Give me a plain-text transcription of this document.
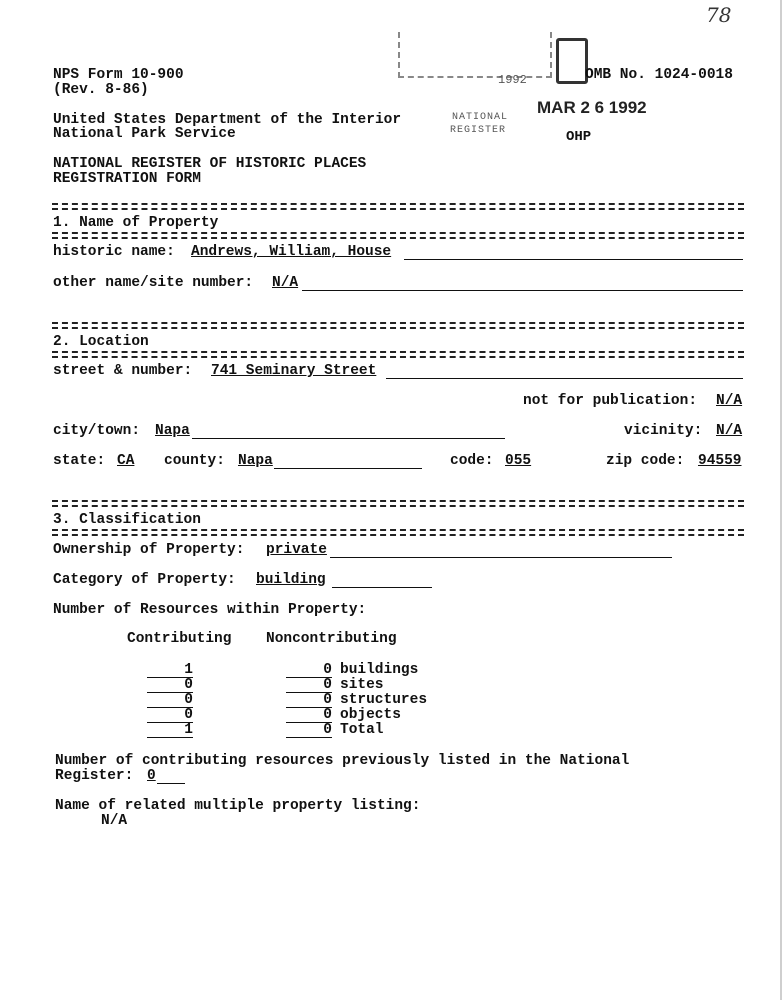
78
1992
NATIONAL
REGISTER
MAR 2 6 1992
OHP
NPS Form 10-900
(Rev. 8-86)
OMB No. 1024-0018
United States Department of the Interior
National Park Service
NATIONAL REGISTER OF HISTORIC PLACES
REGISTRATION FORM
1. Name of Property
historic name: Andrews, William, House
other name/site number: N/A
2. Location
street & number: 741 Seminary Street
not for publication: N/A
city/town: Napa	vicinity: N/A
state: CA county: Napa	code: 055	zip code: 94559
3. Classification
Ownership of Property: private
Category of Property: building
Number of Resources within Property:
Contributing Noncontributing
1	0 buildings
0	0 sites
0	0 structures
0	0 objects
1	0 Total
Number of contributing resources previously listed in the National
Register: 0
Name of related multiple property listing:
N/A
